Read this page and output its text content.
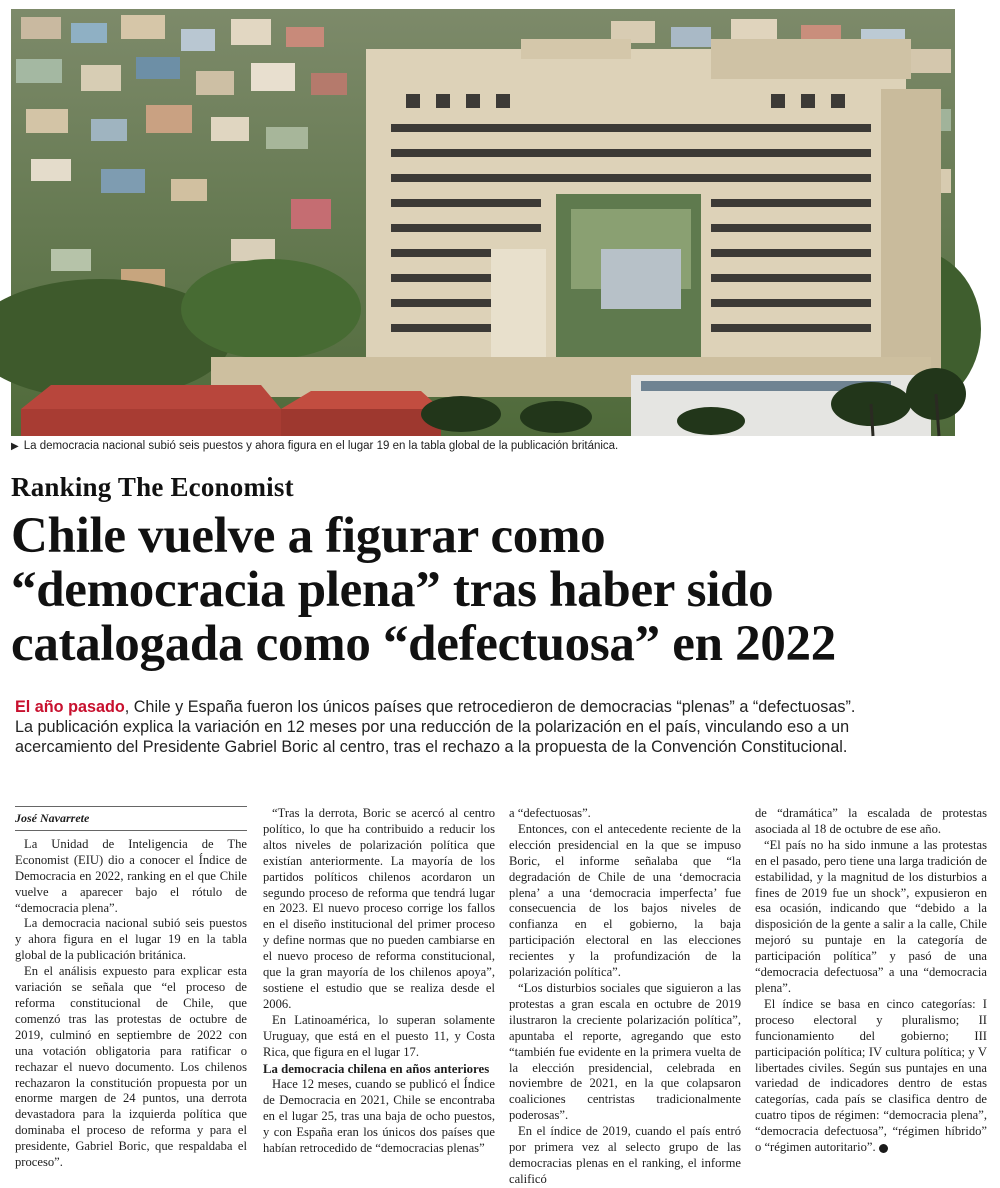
▶ La democracia nacional subió seis puestos y ahora figura en el lugar 19 en la tabla global de la publicación británica.
Ranking The Economist
Chile vuelve a figurar como
“democracia plena” tras haber sido
catalogada como “defectuosa” en 2022
El año pasado, Chile y España fueron los únicos países que retrocedieron de democracias “plenas” a “defectuosas”.
La publicación explica la variación en 12 meses por una reducción de la polarización en el país, vinculando eso a un
acercamiento del Presidente Gabriel Boric al centro, tras el rechazo a la propuesta de la Convención Constitucional.
José Navarrete

La Unidad de Inteligencia de The Economist (EIU) dio a conocer el Índice de Democracia en 2022, ranking en el que Chile vuelve a aparecer bajo el rótulo de “democracia plena”.

La democracia nacional subió seis puestos y ahora figura en el lugar 19 en la tabla global de la publicación británica.

En el análisis expuesto para explicar esta variación se señala que “el proceso de reforma constitucional de Chile, que comenzó tras las protestas de octubre de 2019, culminó en septiembre de 2022 con una votación obligatoria para ratificar o rechazar el nuevo documento. Los chilenos rechazaron la constitución propuesta por un enorme margen de 24 puntos, una derrota devastadora para la izquierda política que dominaba el proceso de reforma y para el presidente, Gabriel Boric, que respaldaba el proceso”.

“Tras la derrota, Boric se acercó al centro político, lo que ha contribuido a reducir los altos niveles de polarización política que existían anteriormente. La mayoría de los partidos políticos chilenos acordaron un segundo proceso de reforma que tendrá lugar en 2023. El nuevo proceso corrige los fallos en el diseño institucional del primer proceso y define normas que no pueden cambiarse en el nuevo proceso de reforma constitucional, que la gran mayoría de los chilenos apoya”, sostiene el estudio que se realiza desde el 2006.

En Latinoamérica, lo superan solamente Uruguay, que está en el puesto 11, y Costa Rica, que figura en el lugar 17.

La democracia chilena en años anteriores

Hace 12 meses, cuando se publicó el Índice de Democracia en 2021, Chile se encontraba en el lugar 25, tras una baja de ocho puestos, y con España eran los únicos dos países que habían retrocedido de “democracias plenas”

a “defectuosas”.

Entonces, con el antecedente reciente de la elección presidencial en la que se impuso Boric, el informe señalaba que “la degradación de Chile de una ‘democracia plena’ a una ‘democracia imperfecta’ fue consecuencia de los bajos niveles de confianza en el gobierno, la baja participación electoral en las elecciones recientes y la profundización de la polarización política”.

“Los disturbios sociales que siguieron a las protestas a gran escala en octubre de 2019 ilustraron la creciente polarización política”, apuntaba el reporte, agregando que esto “también fue evidente en la primera vuelta de la elección presidencial, celebrada en noviembre de 2021, en la que colapsaron coaliciones centristas tradicionalmente poderosas”.

En el índice de 2019, cuando el país entró por primera vez al selecto grupo de las democracias plenas en el ranking, el informe calificó

de “dramática” la escalada de protestas asociada al 18 de octubre de ese año.

“El país no ha sido inmune a las protestas en el pasado, pero tiene una larga tradición de estabilidad, y la magnitud de los disturbios a fines de 2019 fue un shock”, expusieron en esa ocasión, indicando que “debido a la disposición de la gente a salir a la calle, Chile mejoró su puntaje en la categoría de participación política” y pasó de una “democracia defectuosa” a una “democracia plena”.

El índice se basa en cinco categorías: I proceso electoral y pluralismo; II funcionamiento del gobierno; III participación política; IV cultura política; y V libertades civiles. Según sus puntajes en una variedad de indicadores dentro de estas categorías, cada país se clasifica dentro de cuatro tipos de régimen: “democracia plena”, “democracia defectuosa”, “régimen híbrido” o “régimen autoritario”.
